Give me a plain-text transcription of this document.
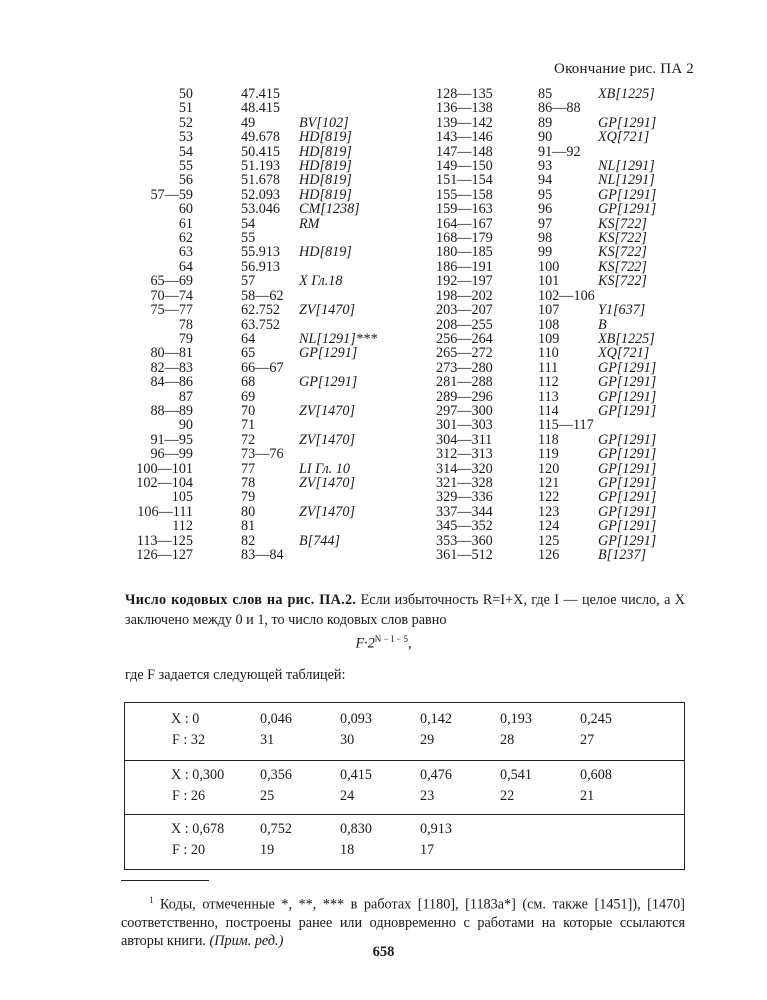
Окончание рис. ПА 2
50	47.415	
51	48.415	
52	49	BV[102]
53	49.678	HD[819]
54	50.415	HD[819]
55	51.193	HD[819]
56	51.678	HD[819]
57—59	52.093	HD[819]
60	53.046	CM[1238]
61	54	RM
62	55	
63	55.913	HD[819]
64	56.913	
65—69	57	X Гл.18
70—74	58—62	
75—77	62.752	ZV[1470]
78	63.752	
79	64	NL[1291]***
80—81	65	GP[1291]
82—83	66—67	
84—86	68	GP[1291]
87	69	
88—89	70	ZV[1470]
90	71	
91—95	72	ZV[1470]
96—99	73—76	
100—101	77	LI Гл. 10
102—104	78	ZV[1470]
105	79	
106—111	80	ZV[1470]
112	81	
113—125	82	B[744]
126—127	83—84	
128—135	85	XB[1225]
136—138	86—88	
139—142	89	GP[1291]
143—146	90	XQ[721]
147—148	91—92	
149—150	93	NL[1291]
151—154	94	NL[1291]
155—158	95	GP[1291]
159—163	96	GP[1291]
164—167	97	KS[722]
168—179	98	KS[722]
180—185	99	KS[722]
186—191	100	KS[722]
192—197	101	KS[722]
198—202	102—106	
203—207	107	Y1[637]
208—255	108	B
256—264	109	XB[1225]
265—272	110	XQ[721]
273—280	111	GP[1291]
281—288	112	GP[1291]
289—296	113	GP[1291]
297—300	114	GP[1291]
301—303	115—117	
304—311	118	GP[1291]
312—313	119	GP[1291]
314—320	120	GP[1291]
321—328	121	GP[1291]
329—336	122	GP[1291]
337—344	123	GP[1291]
345—352	124	GP[1291]
353—360	125	GP[1291]
361—512	126	B[1237]
Число кодовых слов на рис. ПА.2. Если избыточность R=I+X, где I — целое число, а X заключено между 0 и 1, то число кодовых слов равно
$F\cdot 2^{N - I - 5}$,
где F задается следующей таблицей:
X : 0	0,046	0,093	0,142	0,193	0,245
F : 32	31	30	29	28	27
X : 0,300	0,356	0,415	0,476	0,541	0,608
F : 26	25	24	23	22	21
X : 0,678	0,752	0,830	0,913
F : 20	19	18	17
$^1$ Коды, отмеченные *, **, *** в работах [1180], [1183a*] (см. также [1451]), [1470] соответственно, построены ранее или одновременно с работами на которые ссылаются авторы книги. (Прим. ред.)
658
